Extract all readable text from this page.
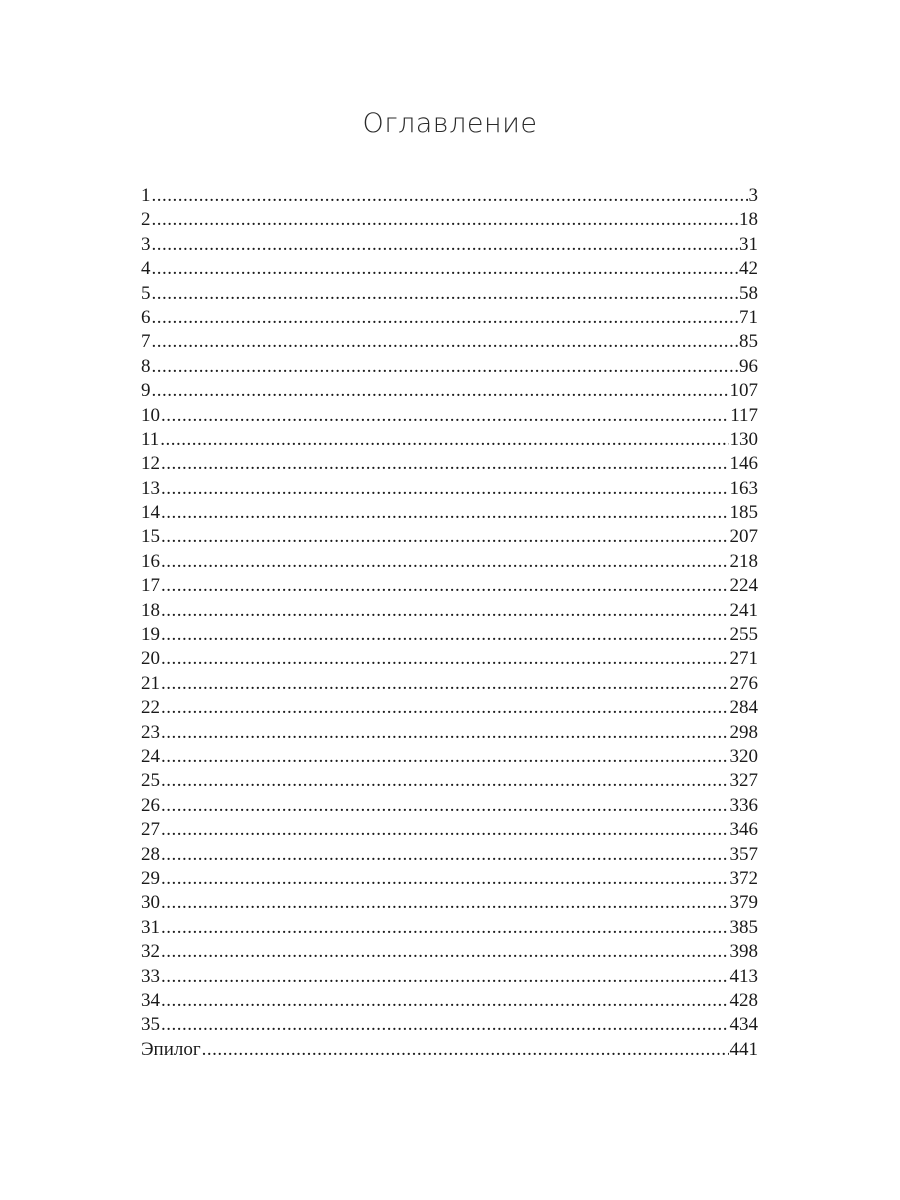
Оглавление
1 .....	3
2 .....	18
3 .....	31
4 .....	42
5 .....	58
6 .....	71
7 .....	85
8 .....	96
9 .....	107
10 .....	117
11 .....	130
12 .....	146
13 .....	163
14 .....	185
15 .....	207
16 .....	218
17 .....	224
18 .....	241
19 .....	255
20 .....	271
21 .....	276
22 .....	284
23 .....	298
24 .....	320
25 .....	327
26 .....	336
27 .....	346
28 .....	357
29 .....	372
30 .....	379
31 .....	385
32 .....	398
33 .....	413
34 .....	428
35 .....	434
Эпилог .....	441
